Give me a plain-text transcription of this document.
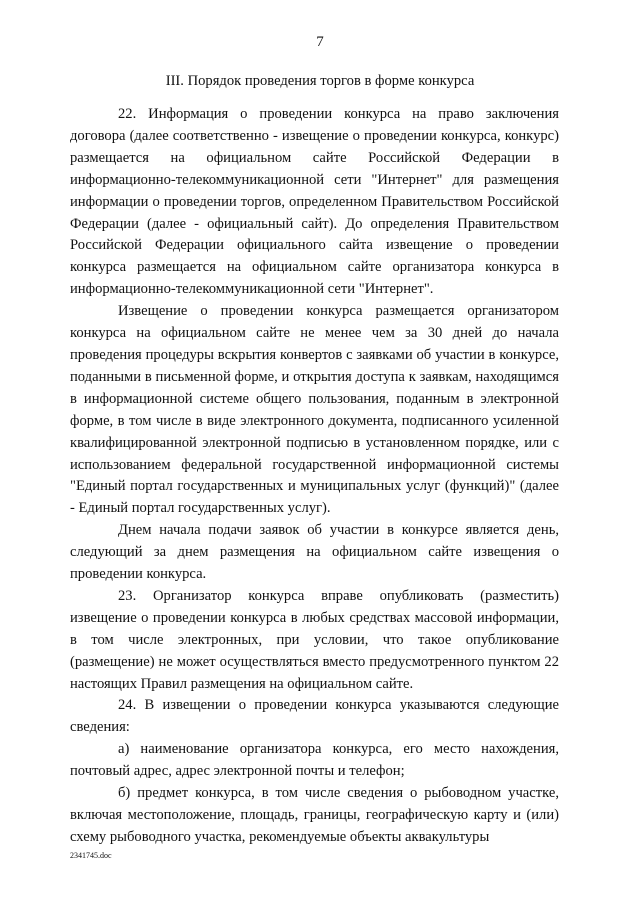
7
III. Порядок проведения торгов в форме конкурса

22. Информация о проведении конкурса на право заключения договора (далее соответственно - извещение о проведении конкурса, конкурс) размещается на официальном сайте Российской Федерации в информационно-телекоммуникационной сети "Интернет" для размещения информации о проведении торгов, определенном Правительством Российской Федерации (далее - официальный сайт). До определения Правительством Российской Федерации официального сайта извещение о проведении конкурса размещается на официальном сайте организатора конкурса в информационно-телекоммуникационной сети "Интернет".

Извещение о проведении конкурса размещается организатором конкурса на официальном сайте не менее чем за 30 дней до начала проведения процедуры вскрытия конвертов с заявками об участии в конкурсе, поданными в письменной форме, и открытия доступа к заявкам, находящимся в информационной системе общего пользования, поданным в электронной форме, в том числе в виде электронного документа, подписанного усиленной квалифицированной электронной подписью в установленном порядке, или с использованием федеральной государственной информационной системы "Единый портал государственных и муниципальных услуг (функций)" (далее - Единый портал государственных услуг).

Днем начала подачи заявок об участии в конкурсе является день, следующий за днем размещения на официальном сайте извещения о проведении конкурса.

23. Организатор конкурса вправе опубликовать (разместить) извещение о проведении конкурса в любых средствах массовой информации, в том числе электронных, при условии, что такое опубликование (размещение) не может осуществляться вместо предусмотренного пунктом 22 настоящих Правил размещения на официальном сайте.

24. В извещении о проведении конкурса указываются следующие сведения:

а) наименование организатора конкурса, его место нахождения, почтовый адрес, адрес электронной почты и телефон;

б) предмет конкурса, в том числе сведения о рыбоводном участке, включая местоположение, площадь, границы, географическую карту и (или) схему рыбоводного участка, рекомендуемые объекты аквакультуры

2341745.doc
